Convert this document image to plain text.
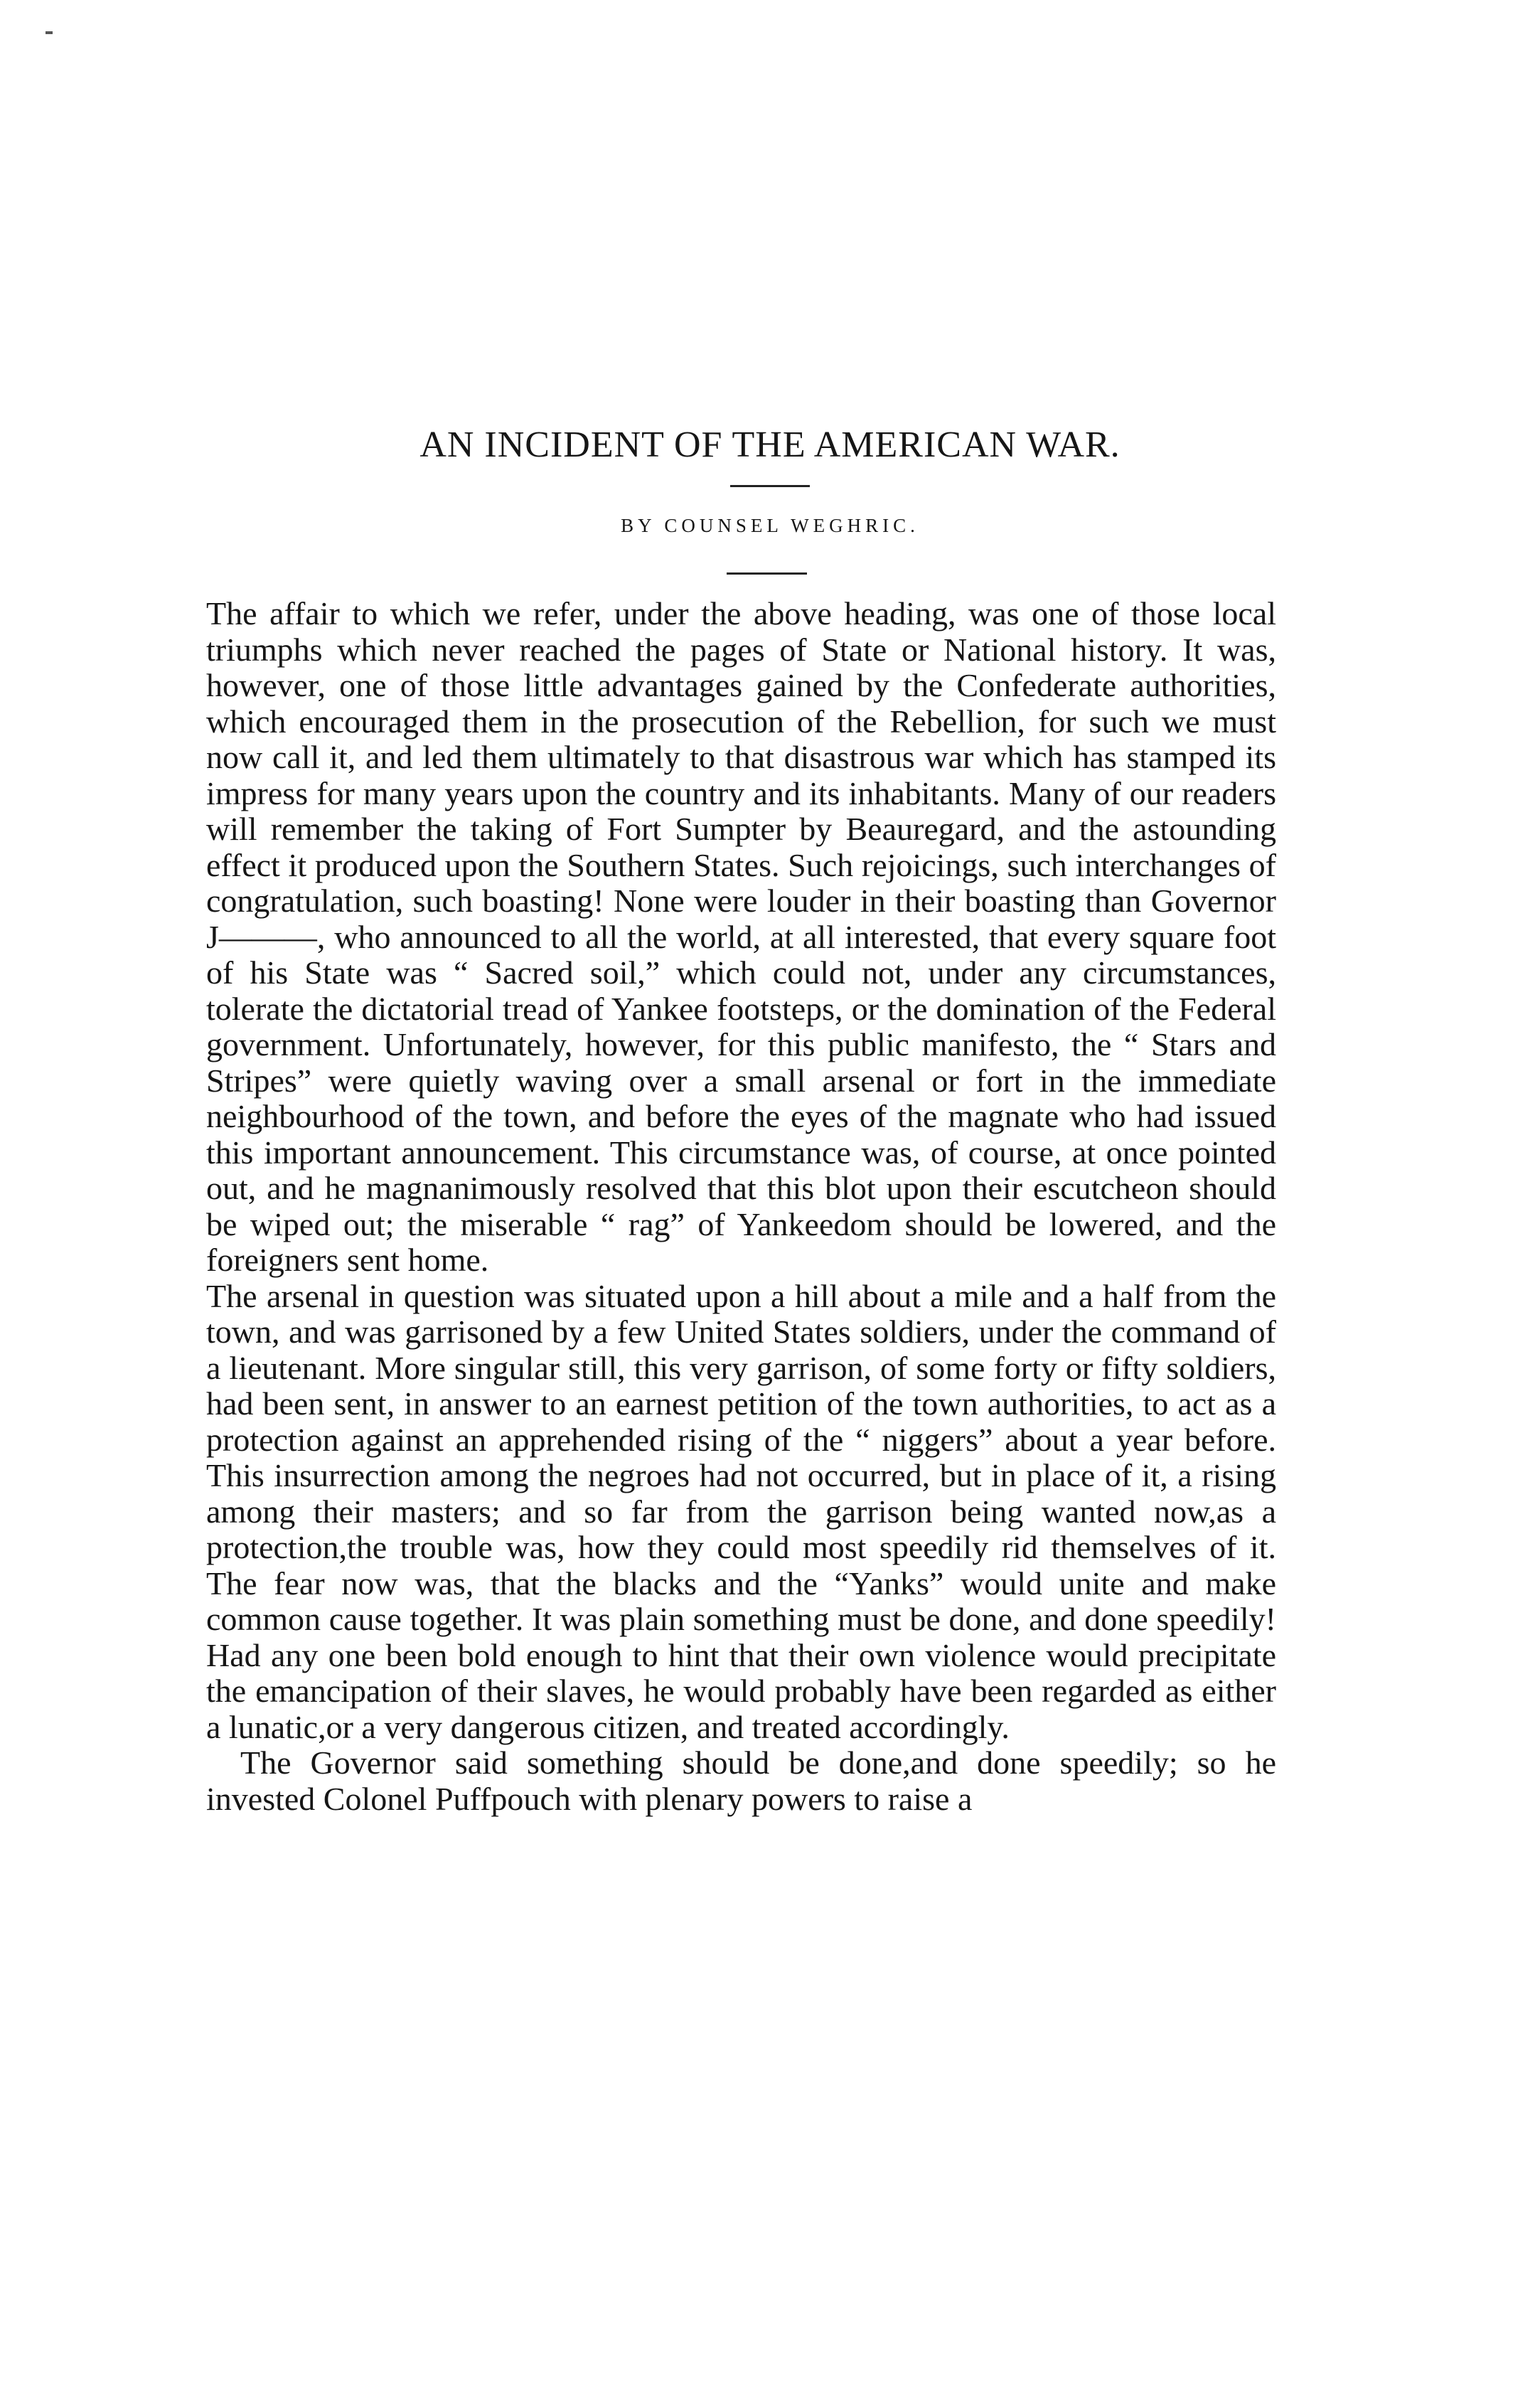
AN INCIDENT OF THE AMERICAN WAR.

BY COUNSEL WEGHRIC.

The affair to which we refer, under the above heading, was one of those local triumphs which never reached the pages of State or National history. It was, however, one of those little advantages gained by the Confederate authorities, which encouraged them in the prosecution of the Rebellion, for such we must now call it, and led them ultimately to that disastrous war which has stamped its impress for many years upon the country and its inhabitants. Many of our readers will remember the taking of Fort Sumpter by Beauregard, and the astounding effect it produced upon the Southern States. Such rejoicings, such interchanges of congratulation, such boasting! None were louder in their boasting than Governor J———, who announced to all the world, at all interested, that every square foot of his State was “ Sacred soil,” which could not, under any circumstances, tolerate the dictatorial tread of Yankee footsteps, or the domination of the Federal government. Unfortunately, however, for this public manifesto, the “ Stars and Stripes” were quietly waving over a small arsenal or fort in the immediate neighbourhood of the town, and before the eyes of the magnate who had issued this important announcement. This circumstance was, of course, at once pointed out, and he magnanimously resolved that this blot upon their escutcheon should be wiped out; the miserable “ rag” of Yankeedom should be lowered, and the foreigners sent home.

The arsenal in question was situated upon a hill about a mile and a half from the town, and was garrisoned by a few United States soldiers, under the command of a lieutenant. More singular still, this very garrison, of some forty or fifty soldiers, had been sent, in answer to an earnest petition of the town authorities, to act as a protection against an apprehended rising of the “ niggers” about a year before. This insurrection among the negroes had not occurred, but in place of it, a rising among their masters; and so far from the garrison being wanted now,as a protection,the trouble was, how they could most speedily rid themselves of it. The fear now was, that the blacks and the “Yanks” would unite and make common cause together. It was plain something must be done, and done speedily! Had any one been bold enough to hint that their own violence would precipitate the emancipation of their slaves, he would probably have been regarded as either a lunatic,or a very dangerous citizen, and treated accordingly.

The Governor said something should be done,and done speedily; so he invested Colonel Puffpouch with plenary powers to raise a
